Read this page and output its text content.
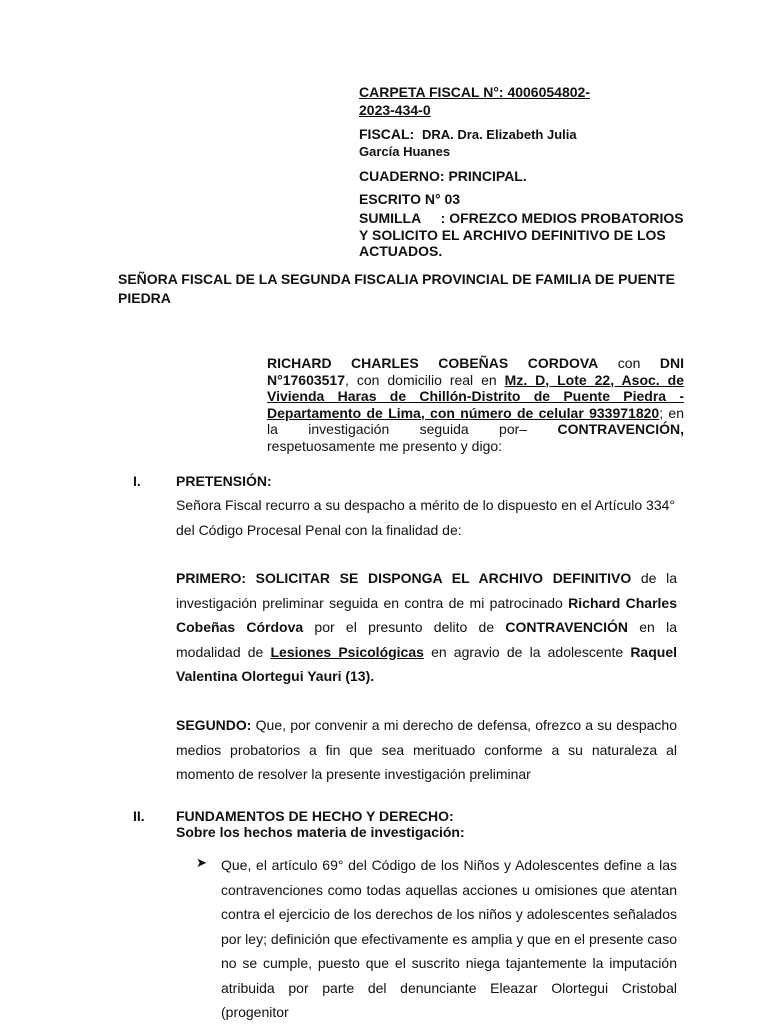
CARPETA FISCAL N°: 4006054802-
2023-434-0
FISCAL: DRA. Dra. Elizabeth Julia
García Huanes
CUADERNO: PRINCIPAL.
ESCRITO N° 03
SUMILLA : OFREZCO MEDIOS PROBATORIOS
Y SOLICITO EL ARCHIVO DEFINITIVO DE LOS
ACTUADOS.
SEÑORA FISCAL DE LA SEGUNDA FISCALIA PROVINCIAL DE FAMILIA DE PUENTE PIEDRA
RICHARD CHARLES COBEÑAS CORDOVA con DNI N°17603517, con domicilio real en Mz. D, Lote 22, Asoc. de Vivienda Haras de Chillón-Distrito de Puente Piedra - Departamento de Lima, con número de celular 933971820; en la investigación seguida por– CONTRAVENCIÓN, respetuosamente me presento y digo:
I.	PRETENSIÓN:
Señora Fiscal recurro a su despacho a mérito de lo dispuesto en el Artículo 334°
del Código Procesal Penal con la finalidad de:
PRIMERO: SOLICITAR SE DISPONGA EL ARCHIVO DEFINITIVO de la investigación preliminar seguida en contra de mi patrocinado Richard Charles Cobeñas Córdova por el presunto delito de CONTRAVENCIÓN en la modalidad de Lesiones Psicológicas en agravio de la adolescente Raquel Valentina Olortegui Yauri (13).
SEGUNDO: Que, por convenir a mi derecho de defensa, ofrezco a su despacho medios probatorios a fin que sea merituado conforme a su naturaleza al momento de resolver la presente investigación preliminar
II. FUNDAMENTOS DE HECHO Y DERECHO:
Sobre los hechos materia de investigación:
➤ Que, el artículo 69° del Código de los Niños y Adolescentes define a las contravenciones como todas aquellas acciones u omisiones que atentan contra el ejercicio de los derechos de los niños y adolescentes señalados por ley; definición que efectivamente es amplia y que en el presente caso no se cumple, puesto que el suscrito niega tajantemente la imputación atribuida por parte del denunciante Eleazar Olortegui Cristobal (progenitor
